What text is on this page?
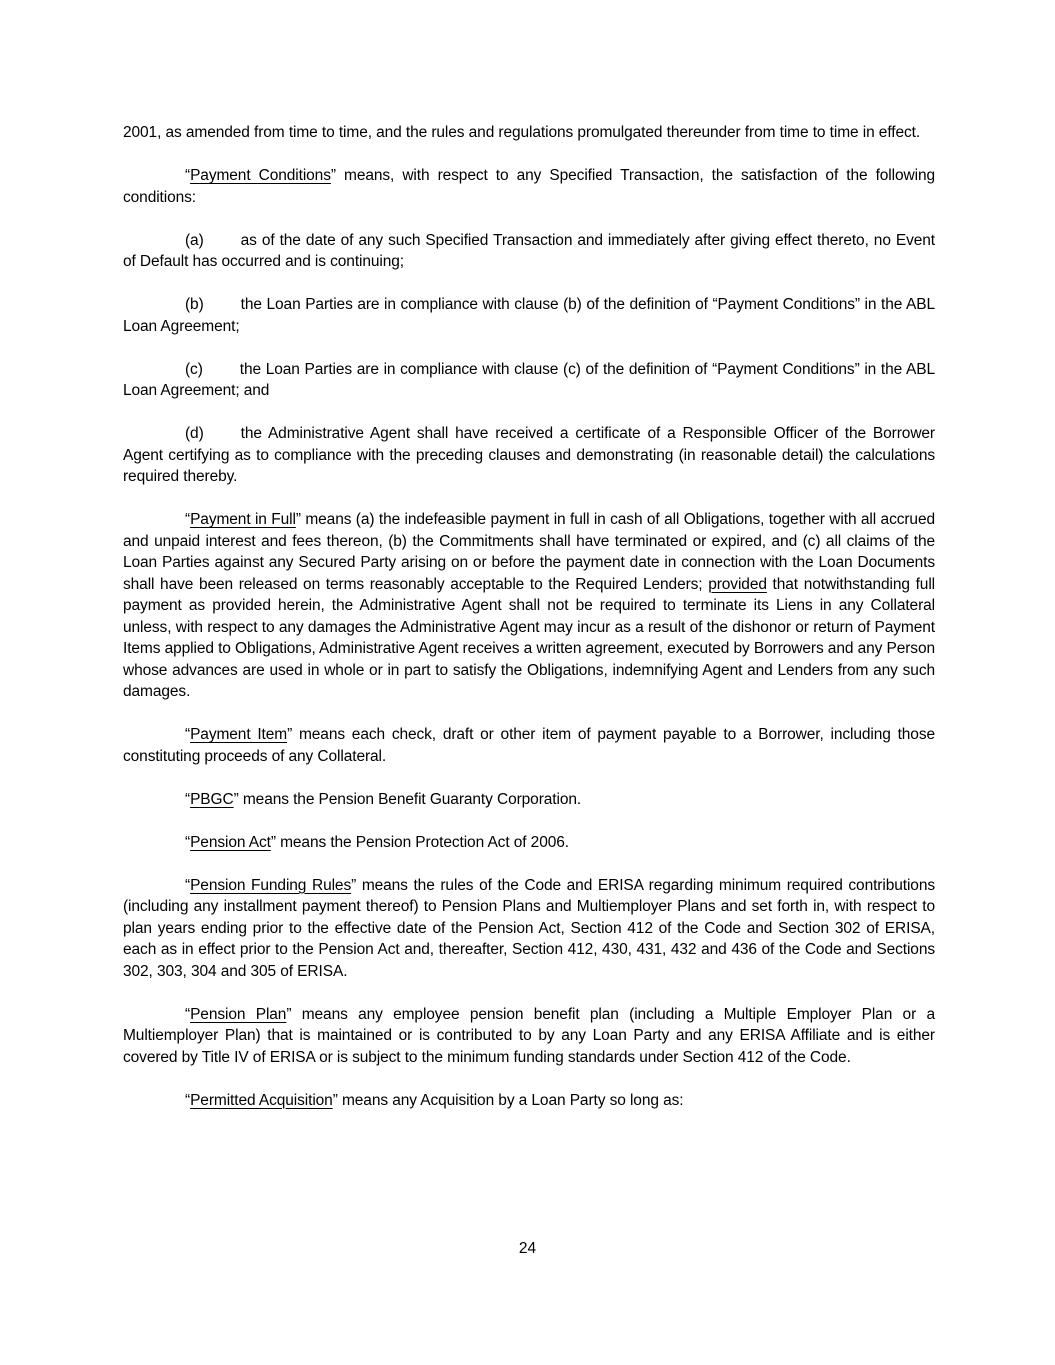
2001, as amended from time to time, and the rules and regulations promulgated thereunder from time to time in effect.

“Payment Conditions” means, with respect to any Specified Transaction, the satisfaction of the following conditions:

(a) as of the date of any such Specified Transaction and immediately after giving effect thereto, no Event of Default has occurred and is continuing;

(b) the Loan Parties are in compliance with clause (b) of the definition of “Payment Conditions” in the ABL Loan Agreement;

(c) the Loan Parties are in compliance with clause (c) of the definition of “Payment Conditions” in the ABL Loan Agreement; and

(d) the Administrative Agent shall have received a certificate of a Responsible Officer of the Borrower Agent certifying as to compliance with the preceding clauses and demonstrating (in reasonable detail) the calculations required thereby.

“Payment in Full” means (a) the indefeasible payment in full in cash of all Obligations, together with all accrued and unpaid interest and fees thereon, (b) the Commitments shall have terminated or expired, and (c) all claims of the Loan Parties against any Secured Party arising on or before the payment date in connection with the Loan Documents shall have been released on terms reasonably acceptable to the Required Lenders; provided that notwithstanding full payment as provided herein, the Administrative Agent shall not be required to terminate its Liens in any Collateral unless, with respect to any damages the Administrative Agent may incur as a result of the dishonor or return of Payment Items applied to Obligations, Administrative Agent receives a written agreement, executed by Borrowers and any Person whose advances are used in whole or in part to satisfy the Obligations, indemnifying Agent and Lenders from any such damages.

“Payment Item” means each check, draft or other item of payment payable to a Borrower, including those constituting proceeds of any Collateral.

“PBGC” means the Pension Benefit Guaranty Corporation.

“Pension Act” means the Pension Protection Act of 2006.

“Pension Funding Rules” means the rules of the Code and ERISA regarding minimum required contributions (including any installment payment thereof) to Pension Plans and Multiemployer Plans and set forth in, with respect to plan years ending prior to the effective date of the Pension Act, Section 412 of the Code and Section 302 of ERISA, each as in effect prior to the Pension Act and, thereafter, Section 412, 430, 431, 432 and 436 of the Code and Sections 302, 303, 304 and 305 of ERISA.

“Pension Plan” means any employee pension benefit plan (including a Multiple Employer Plan or a Multiemployer Plan) that is maintained or is contributed to by any Loan Party and any ERISA Affiliate and is either covered by Title IV of ERISA or is subject to the minimum funding standards under Section 412 of the Code.

“Permitted Acquisition” means any Acquisition by a Loan Party so long as:

24
